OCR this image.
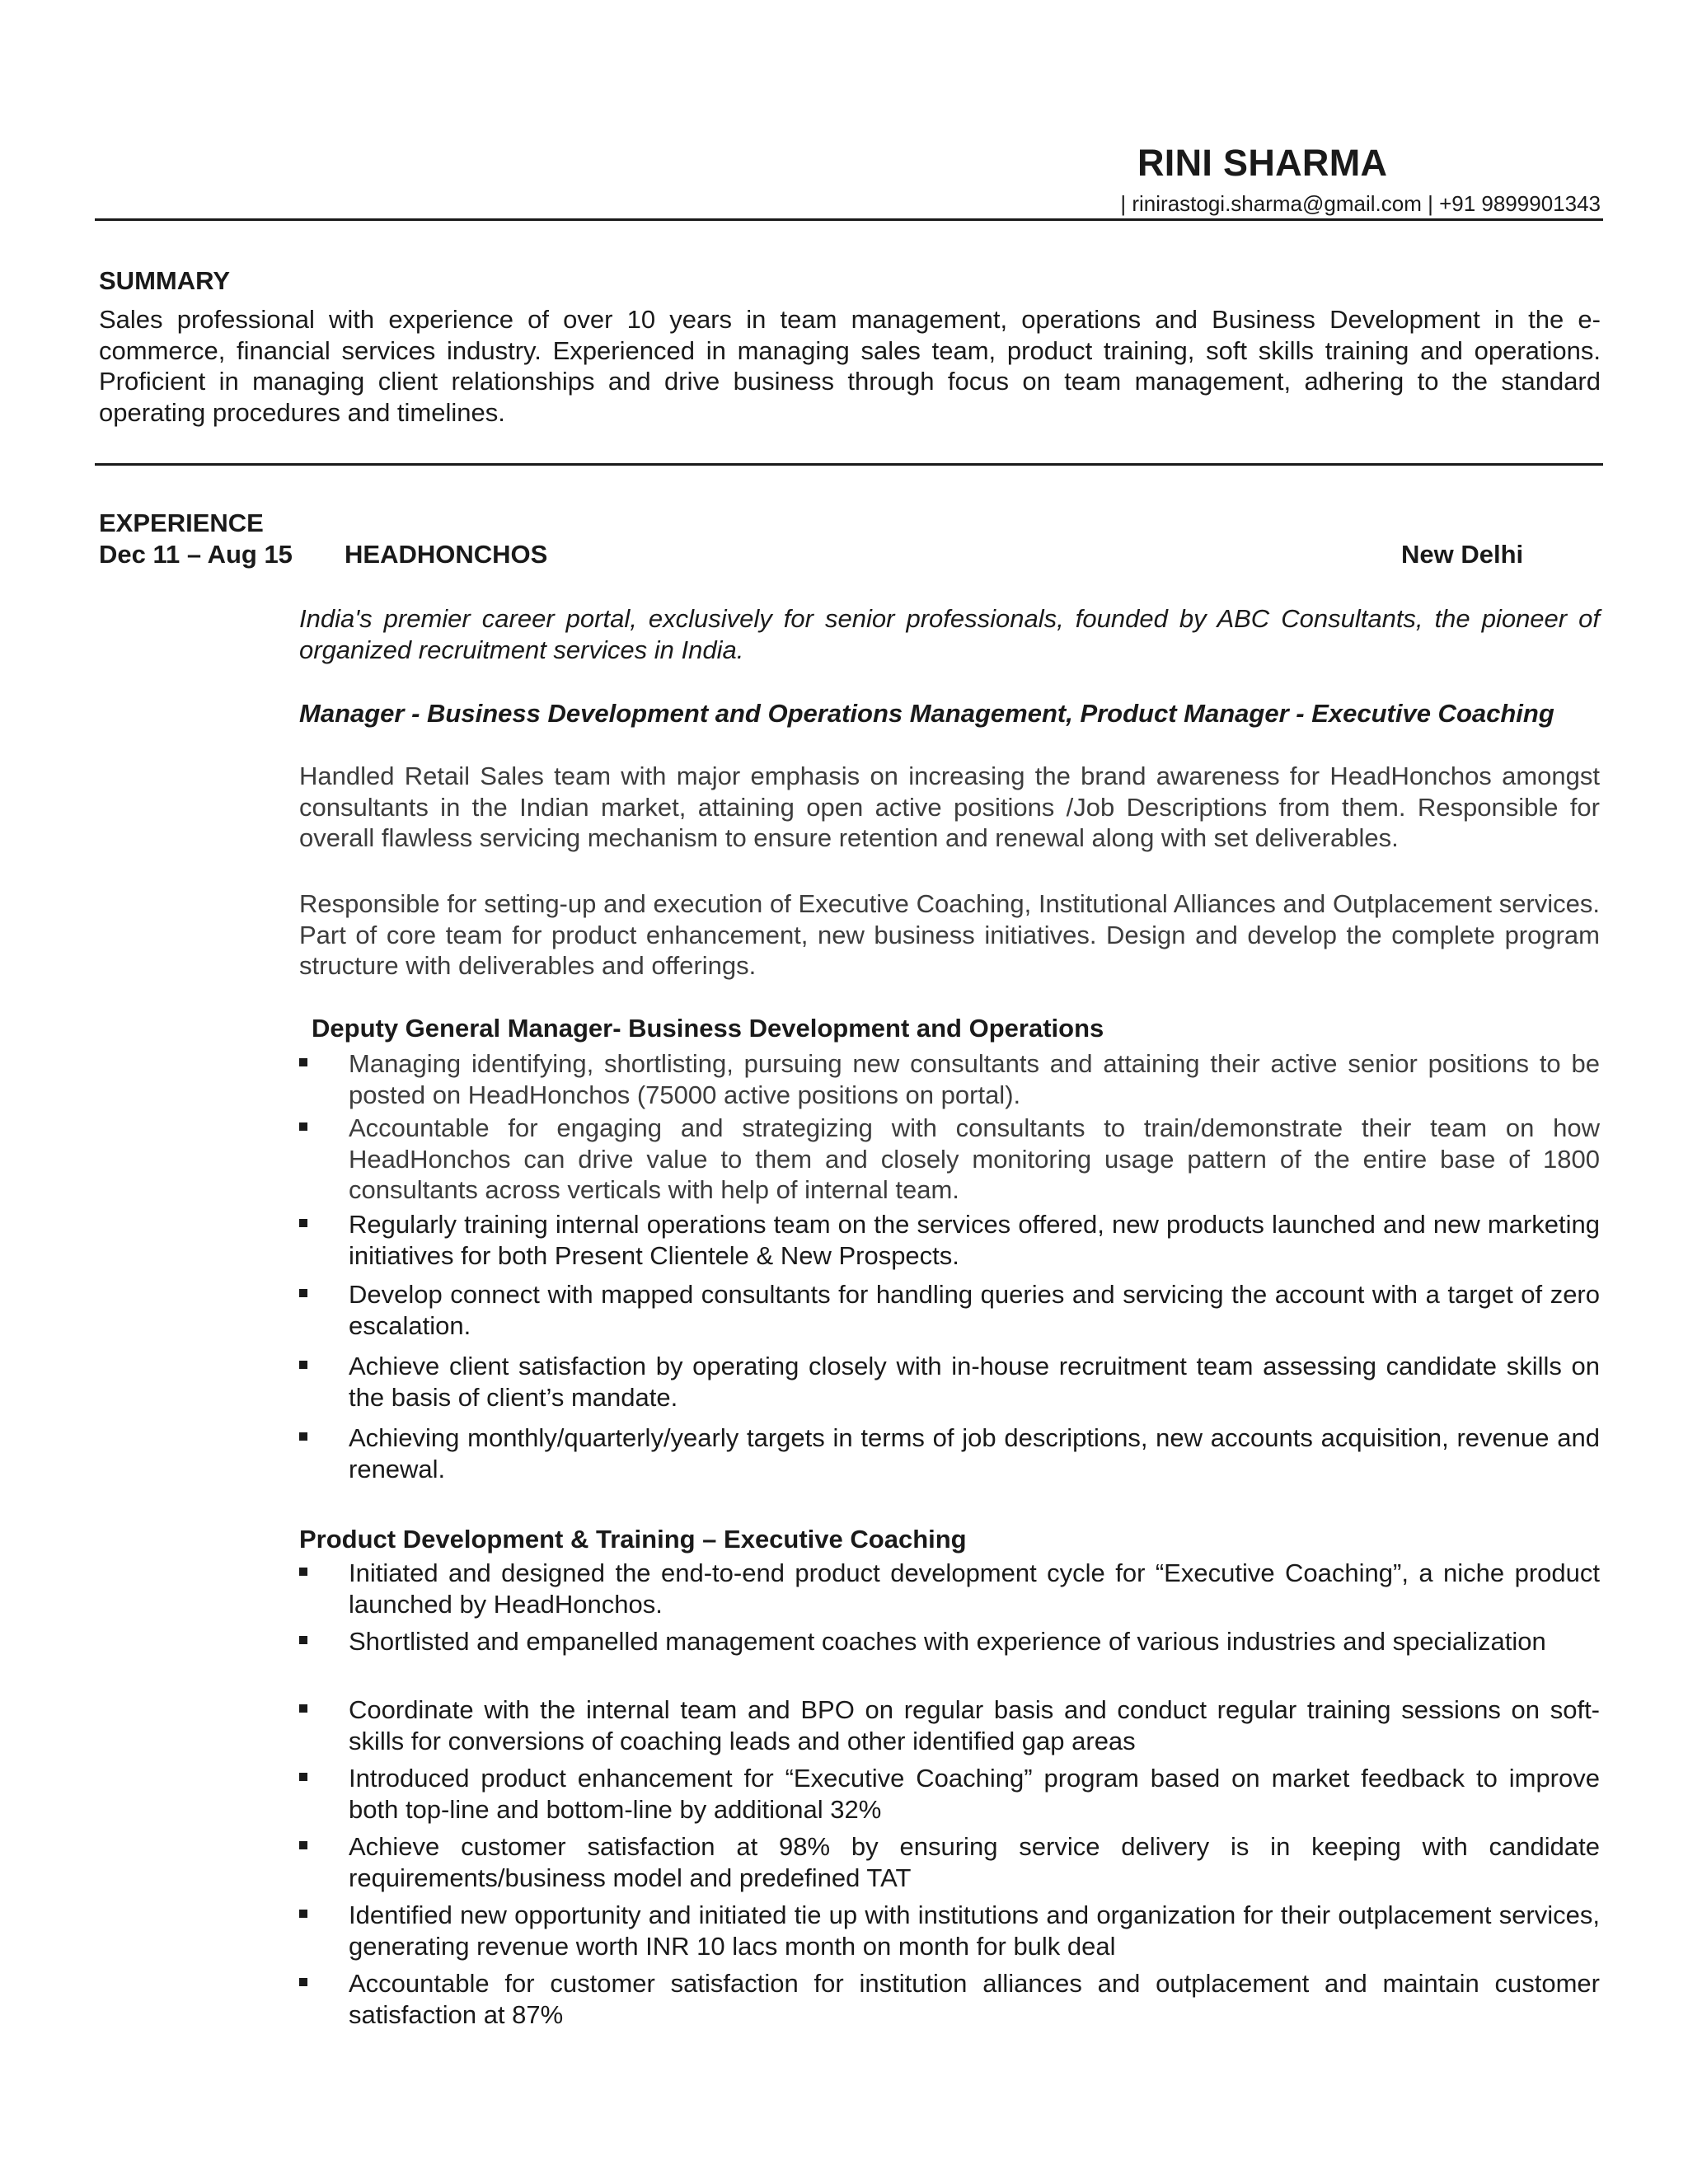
RINI SHARMA
| rinirastogi.sharma@gmail.com | +91 9899901343
SUMMARY
Sales professional with experience of over 10 years in team management, operations and Business Development in the e-commerce, financial services industry. Experienced in managing sales team, product training, soft skills training and operations. Proficient in managing client relationships and drive business through focus on team management, adhering to the standard operating procedures and timelines.
EXPERIENCE
Dec 11 – Aug 15 HEADHONCHOS	New Delhi
India's premier career portal, exclusively for senior professionals, founded by ABC Consultants, the pioneer of organized recruitment services in India.
Manager - Business Development and Operations Management, Product Manager - Executive Coaching
Handled Retail Sales team with major emphasis on increasing the brand awareness for HeadHonchos amongst consultants in the Indian market, attaining open active positions /Job Descriptions from them. Responsible for overall flawless servicing mechanism to ensure retention and renewal along with set deliverables.
Responsible for setting-up and execution of Executive Coaching, Institutional Alliances and Outplacement services. Part of core team for product enhancement, new business initiatives. Design and develop the complete program structure with deliverables and offerings.
Deputy General Manager- Business Development and Operations
Managing identifying, shortlisting, pursuing new consultants and attaining their active senior positions to be posted on HeadHonchos (75000 active positions on portal).
Accountable for engaging and strategizing with consultants to train/demonstrate their team on how HeadHonchos can drive value to them and closely monitoring usage pattern of the entire base of 1800 consultants across verticals with help of internal team.
Regularly training internal operations team on the services offered, new products launched and new marketing initiatives for both Present Clientele & New Prospects.
Develop connect with mapped consultants for handling queries and servicing the account with a target of zero escalation.
Achieve client satisfaction by operating closely with in-house recruitment team assessing candidate skills on the basis of client’s mandate.
Achieving monthly/quarterly/yearly targets in terms of job descriptions, new accounts acquisition, revenue and renewal.
Product Development & Training – Executive Coaching
Initiated and designed the end-to-end product development cycle for “Executive Coaching”, a niche product launched by HeadHonchos.
Shortlisted and empanelled management coaches with experience of various industries and specialization
Coordinate with the internal team and BPO on regular basis and conduct regular training sessions on soft-skills for conversions of coaching leads and other identified gap areas
Introduced product enhancement for “Executive Coaching” program based on market feedback to improve both top-line and bottom-line by additional 32%
Achieve customer satisfaction at 98% by ensuring service delivery is in keeping with candidate requirements/business model and predefined TAT
Identified new opportunity and initiated tie up with institutions and organization for their outplacement services, generating revenue worth INR 10 lacs month on month for bulk deal
Accountable for customer satisfaction for institution alliances and outplacement and maintain customer satisfaction at 87%
